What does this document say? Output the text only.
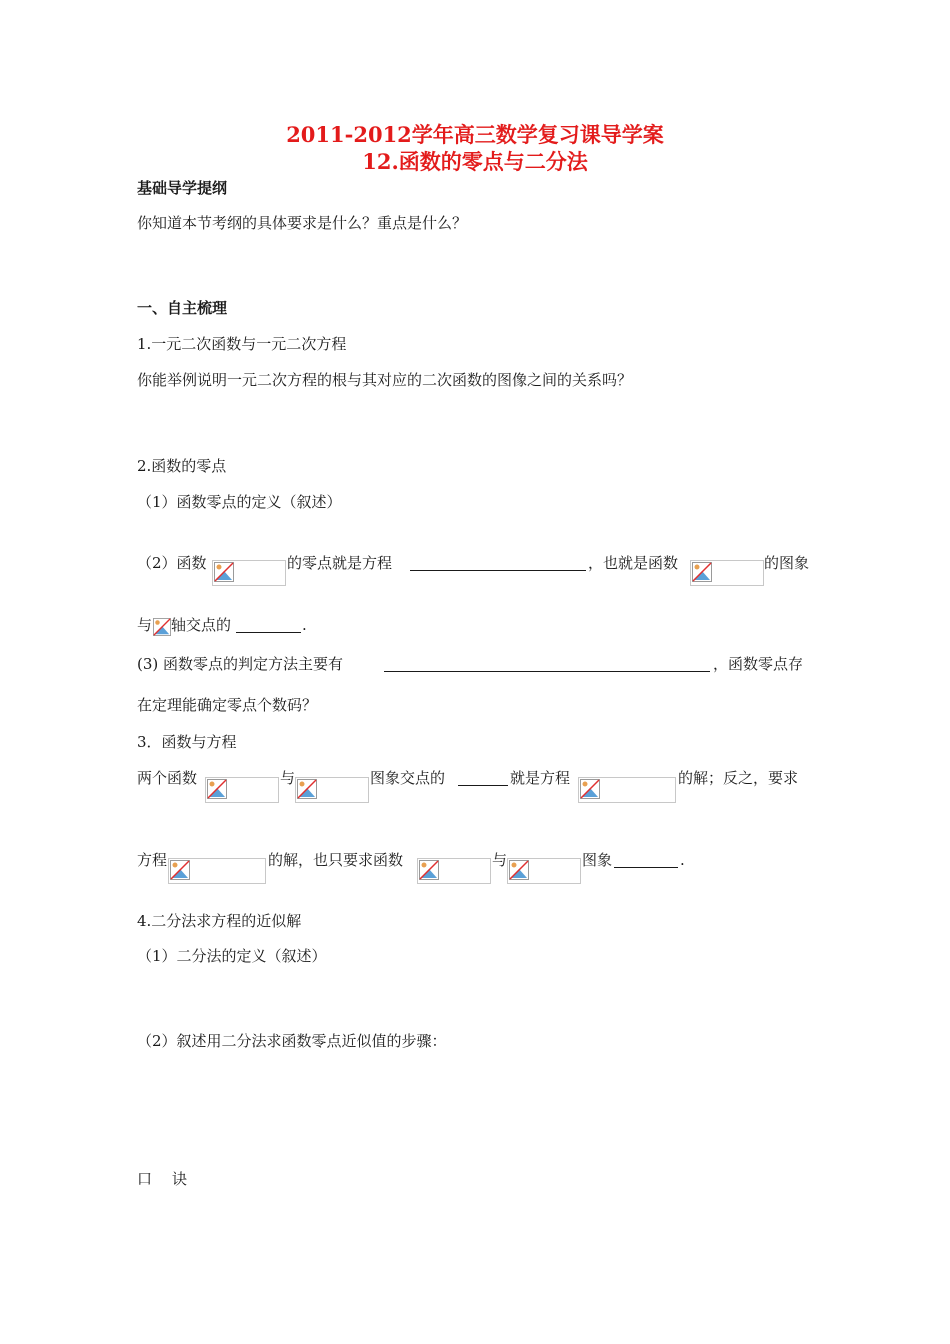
2011-2012学年高三数学复习课导学案
12.函数的零点与二分法
基础导学提纲
你知道本节考纲的具体要求是什么？重点是什么？
一、自主梳理
1.一元二次函数与一元二次方程
你能举例说明一元二次方程的根与其对应的二次函数的图像之间的关系吗？
2.函数的零点
（1）函数零点的定义（叙述）
（2）函数	的零点就是方程	，也就是函数	的图象
与 轴交点的	.
(3) 函数零点的判定方法主要有	，函数零点存
在定理能确定零点个数码？
3．函数与方程
两个函数	与	图象交点的	就是方程	的解；反之，要求
方程	的解，也只要求函数	与	图象	.
4.二分法求方程的近似解
（1）二分法的定义（叙述）
（2）叙述用二分法求函数零点近似值的步骤：
口 诀
